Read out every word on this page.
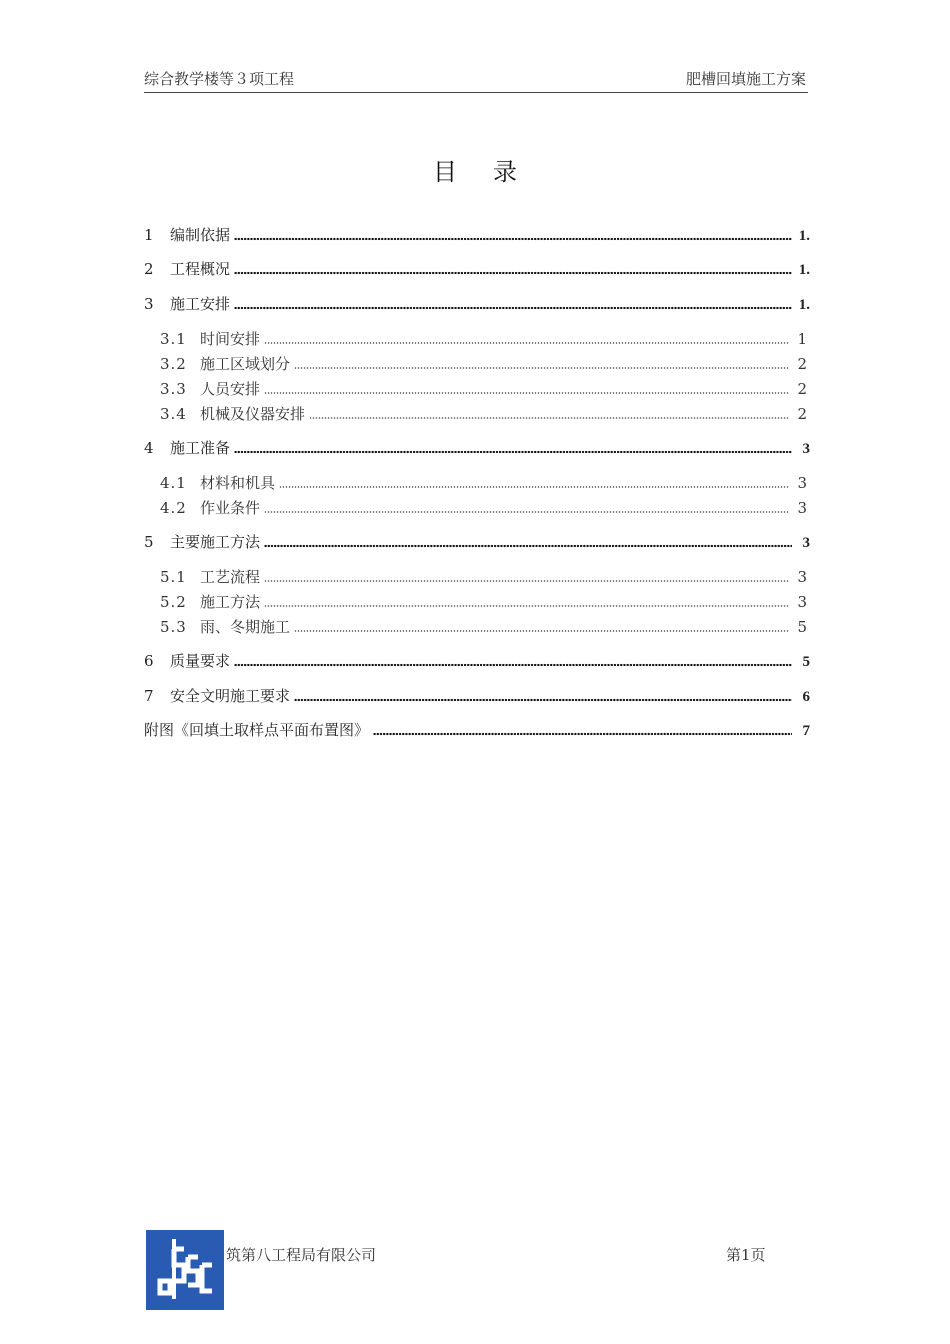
综合教学楼等３项工程	肥槽回填施工方案
目录
1	编制依据	1.
2	工程概况	1.
3	施工安排	1.
3.1 时间安排	1
3.2 施工区域划分	2
3.3 人员安排	2
3.4 机械及仪器安排	2
4	施工准备	3
4.1 材料和机具	3
4.2 作业条件	3
5	主要施工方法	3
5.1 工艺流程	3
5.2 施工方法	3
5.3 雨、冬期施工	5
6	质量要求	5
7	安全文明施工要求	6
附图《回填土取样点平面布置图》	7
筑第八工程局有限公司	第1页
